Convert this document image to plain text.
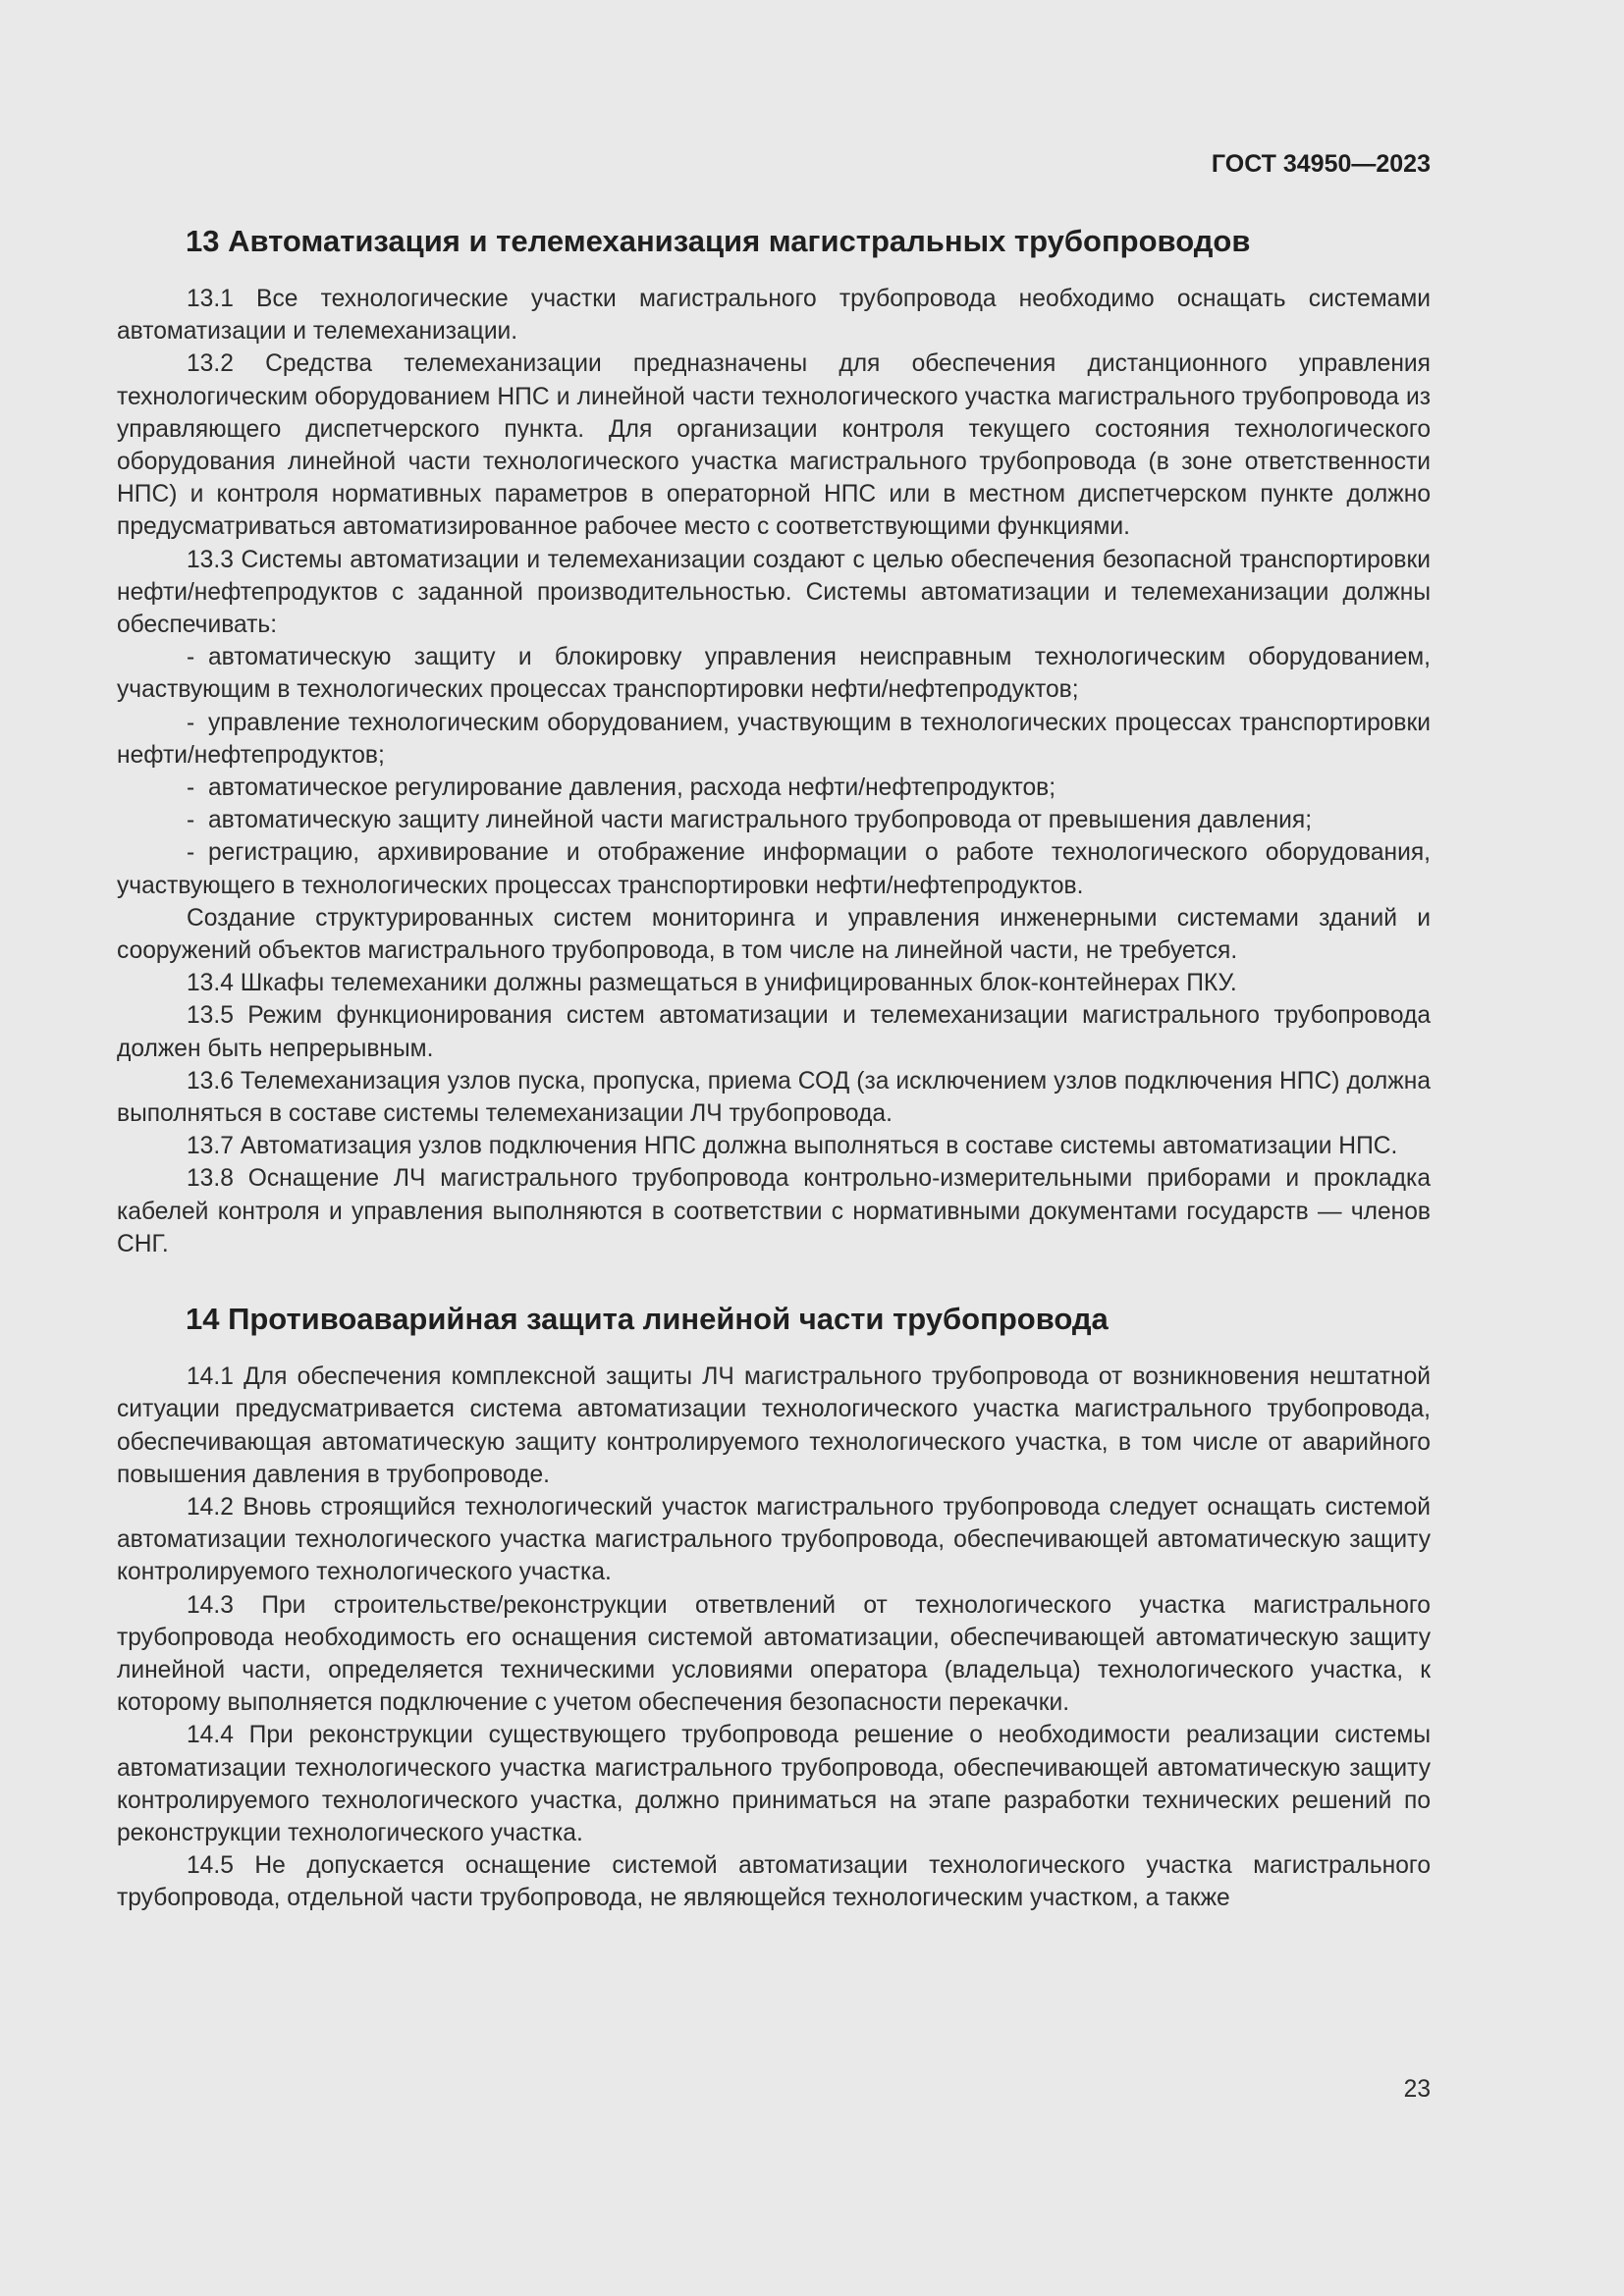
ГОСТ 34950—2023
13 Автоматизация и телемеханизация магистральных трубопроводов

13.1 Все технологические участки магистрального трубопровода необходимо оснащать системами автоматизации и телемеханизации.

13.2 Средства телемеханизации предназначены для обеспечения дистанционного управления технологическим оборудованием НПС и линейной части технологического участка магистрального трубопровода из управляющего диспетчерского пункта. Для организации контроля текущего состояния технологического оборудования линейной части технологического участка магистрального трубопровода (в зоне ответственности НПС) и контроля нормативных параметров в операторной НПС или в местном диспетчерском пункте должно предусматриваться автоматизированное рабочее место с соответствующими функциями.

13.3 Системы автоматизации и телемеханизации создают с целью обеспечения безопасной транспортировки нефти/нефтепродуктов с заданной производительностью. Системы автоматизации и телемеханизации должны обеспечивать:

- автоматическую защиту и блокировку управления неисправным технологическим оборудованием, участвующим в технологических процессах транспортировки нефти/нефтепродуктов;

- управление технологическим оборудованием, участвующим в технологических процессах транспортировки нефти/нефтепродуктов;

- автоматическое регулирование давления, расхода нефти/нефтепродуктов;

- автоматическую защиту линейной части магистрального трубопровода от превышения давления;

- регистрацию, архивирование и отображение информации о работе технологического оборудования, участвующего в технологических процессах транспортировки нефти/нефтепродуктов.

Создание структурированных систем мониторинга и управления инженерными системами зданий и сооружений объектов магистрального трубопровода, в том числе на линейной части, не требуется.

13.4 Шкафы телемеханики должны размещаться в унифицированных блок-контейнерах ПКУ.

13.5 Режим функционирования систем автоматизации и телемеханизации магистрального трубопровода должен быть непрерывным.

13.6 Телемеханизация узлов пуска, пропуска, приема СОД (за исключением узлов подключения НПС) должна выполняться в составе системы телемеханизации ЛЧ трубопровода.

13.7 Автоматизация узлов подключения НПС должна выполняться в составе системы автоматизации НПС.

13.8 Оснащение ЛЧ магистрального трубопровода контрольно-измерительными приборами и прокладка кабелей контроля и управления выполняются в соответствии с нормативными документами государств — членов СНГ.

14 Противоаварийная защита линейной части трубопровода

14.1 Для обеспечения комплексной защиты ЛЧ магистрального трубопровода от возникновения нештатной ситуации предусматривается система автоматизации технологического участка магистрального трубопровода, обеспечивающая автоматическую защиту контролируемого технологического участка, в том числе от аварийного повышения давления в трубопроводе.

14.2 Вновь строящийся технологический участок магистрального трубопровода следует оснащать системой автоматизации технологического участка магистрального трубопровода, обеспечивающей автоматическую защиту контролируемого технологического участка.

14.3 При строительстве/реконструкции ответвлений от технологического участка магистрального трубопровода необходимость его оснащения системой автоматизации, обеспечивающей автоматическую защиту линейной части, определяется техническими условиями оператора (владельца) технологического участка, к которому выполняется подключение с учетом обеспечения безопасности перекачки.

14.4 При реконструкции существующего трубопровода решение о необходимости реализации системы автоматизации технологического участка магистрального трубопровода, обеспечивающей автоматическую защиту контролируемого технологического участка, должно приниматься на этапе разработки технических решений по реконструкции технологического участка.

14.5 Не допускается оснащение системой автоматизации технологического участка магистрального трубопровода, отдельной части трубопровода, не являющейся технологическим участком, а также

23
